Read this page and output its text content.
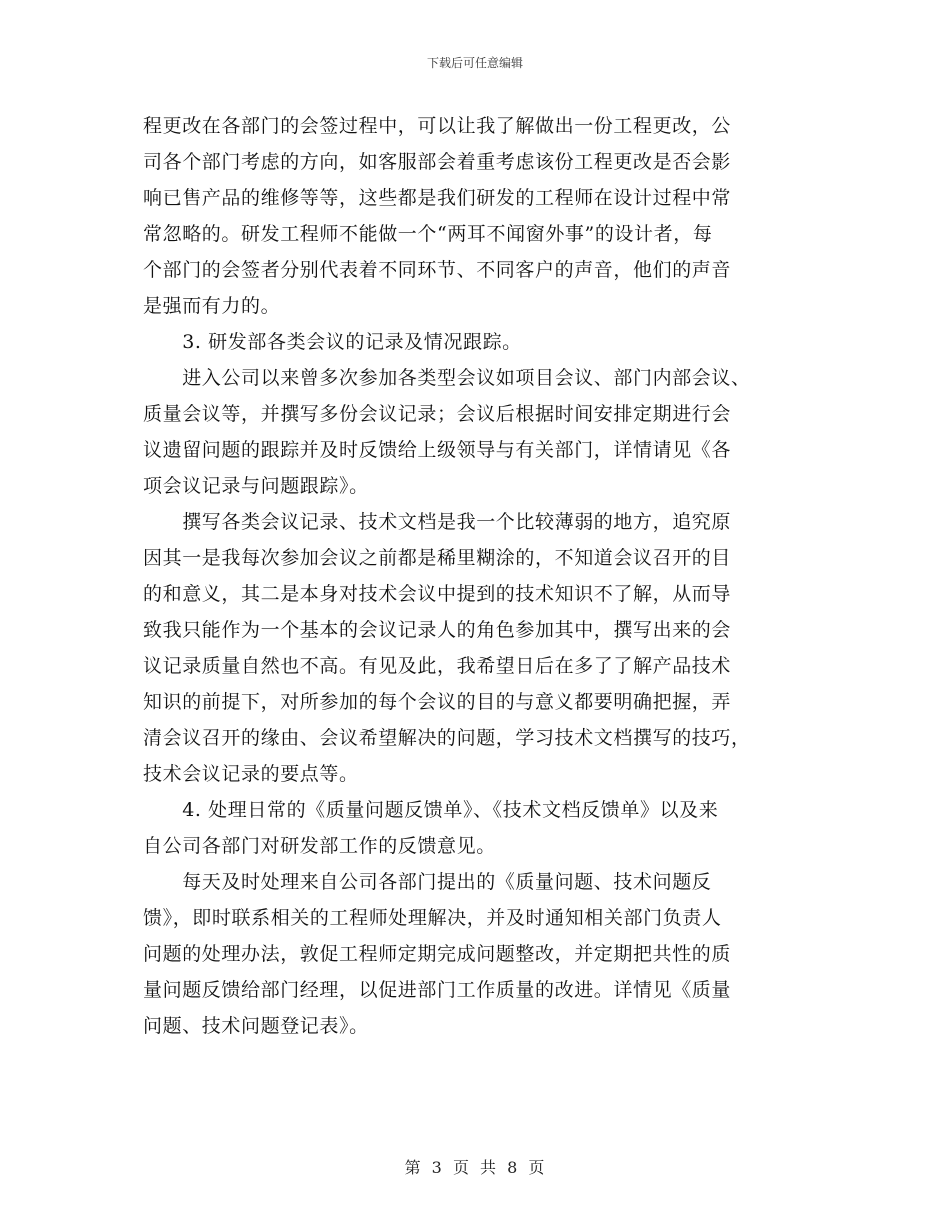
下载后可任意编辑
程更改在各部门的会签过程中，可以让我了解做出一份工程更改，公
司各个部门考虑的方向，如客服部会着重考虑该份工程更改是否会影
响已售产品的维修等等，这些都是我们研发的工程师在设计过程中常
常忽略的。研发工程师不能做一个“两耳不闻窗外事”的设计者，每
个部门的会签者分别代表着不同环节、不同客户的声音，他们的声音
是强而有力的。
　　3. 研发部各类会议的记录及情况跟踪。
　　进入公司以来曾多次参加各类型会议如项目会议、部门内部会议、
质量会议等，并撰写多份会议记录；会议后根据时间安排定期进行会
议遗留问题的跟踪并及时反馈给上级领导与有关部门，详情请见《各
项会议记录与问题跟踪》。
　　撰写各类会议记录、技术文档是我一个比较薄弱的地方，追究原
因其一是我每次参加会议之前都是稀里糊涂的，不知道会议召开的目
的和意义，其二是本身对技术会议中提到的技术知识不了解，从而导
致我只能作为一个基本的会议记录人的角色参加其中，撰写出来的会
议记录质量自然也不高。有见及此，我希望日后在多了了解产品技术
知识的前提下，对所参加的每个会议的目的与意义都要明确把握，弄
清会议召开的缘由、会议希望解决的问题，学习技术文档撰写的技巧，
技术会议记录的要点等。
　　4. 处理日常的《质量问题反馈单》、《技术文档反馈单》以及来
自公司各部门对研发部工作的反馈意见。
　　每天及时处理来自公司各部门提出的《质量问题、技术问题反
馈》，即时联系相关的工程师处理解决，并及时通知相关部门负责人
问题的处理办法，敦促工程师定期完成问题整改，并定期把共性的质
量问题反馈给部门经理，以促进部门工作质量的改进。详情见《质量
问题、技术问题登记表》。
第 3 页 共 8 页
